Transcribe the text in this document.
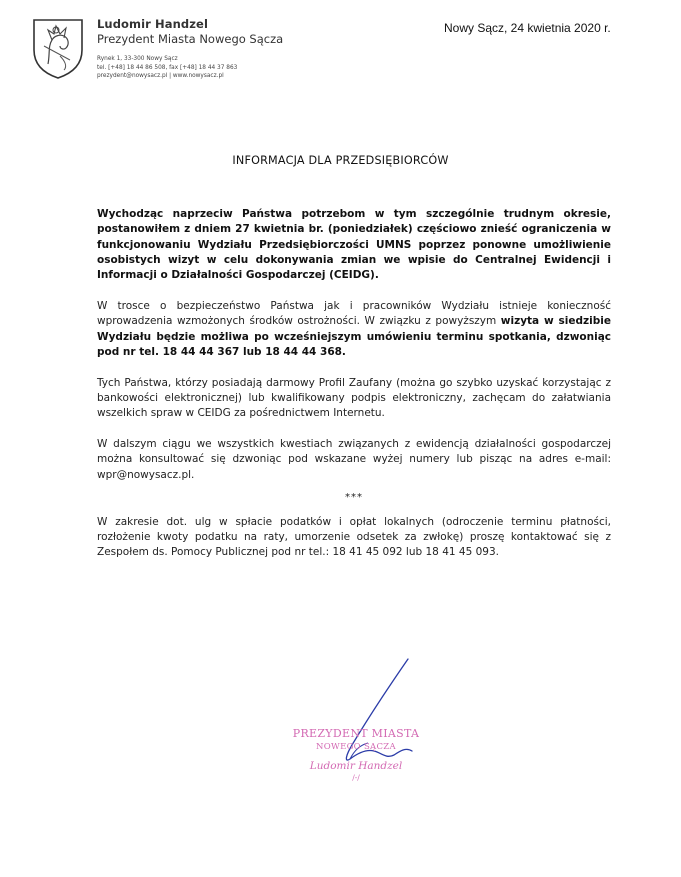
Ludomir Handzel
Prezydent Miasta Nowego Sącza
Rynek 1, 33-300 Nowy Sącz
tel. [+48] 18 44 86 508, fax [+48] 18 44 37 863
prezydent@nowysacz.pl | www.nowysacz.pl
Nowy Sącz, 24 kwietnia 2020 r.
INFORMACJA DLA PRZEDSIĘBIORCÓW

Wychodząc naprzeciw Państwa potrzebom w tym szczególnie trudnym okresie, postanowiłem z dniem 27 kwietnia br. (poniedziałek) częściowo znieść ograniczenia w funkcjonowaniu Wydziału Przedsiębiorczości UMNS poprzez ponowne umożliwienie osobistych wizyt w celu dokonywania zmian we wpisie do Centralnej Ewidencji i Informacji o Działalności Gospodarczej (CEIDG).

W trosce o bezpieczeństwo Państwa jak i pracowników Wydziału istnieje konieczność wprowadzenia wzmożonych środków ostrożności. W związku z powyższym wizyta w siedzibie Wydziału będzie możliwa po wcześniejszym umówieniu terminu spotkania, dzwoniąc pod nr tel. 18 44 44 367 lub 18 44 44 368.

Tych Państwa, którzy posiadają darmowy Profil Zaufany (można go szybko uzyskać korzystając z bankowości elektronicznej) lub kwalifikowany podpis elektroniczny, zachęcam do załatwiania wszelkich spraw w CEIDG za pośrednictwem Internetu.

W dalszym ciągu we wszystkich kwestiach związanych z ewidencją działalności gospodarczej można konsultować się dzwoniąc pod wskazane wyżej numery lub pisząc na adres e-mail: wpr@nowysacz.pl.

***

W zakresie dot. ulg w spłacie podatków i opłat lokalnych (odroczenie terminu płatności, rozłożenie kwoty podatku na raty, umorzenie odsetek za zwłokę) proszę kontaktować się z Zespołem ds. Pomocy Publicznej pod nr tel.: 18 41 45 092 lub 18 41 45 093.

PREZYDENT MIASTA
NOWEGO SĄCZA
Ludomir Handzel
/-/
